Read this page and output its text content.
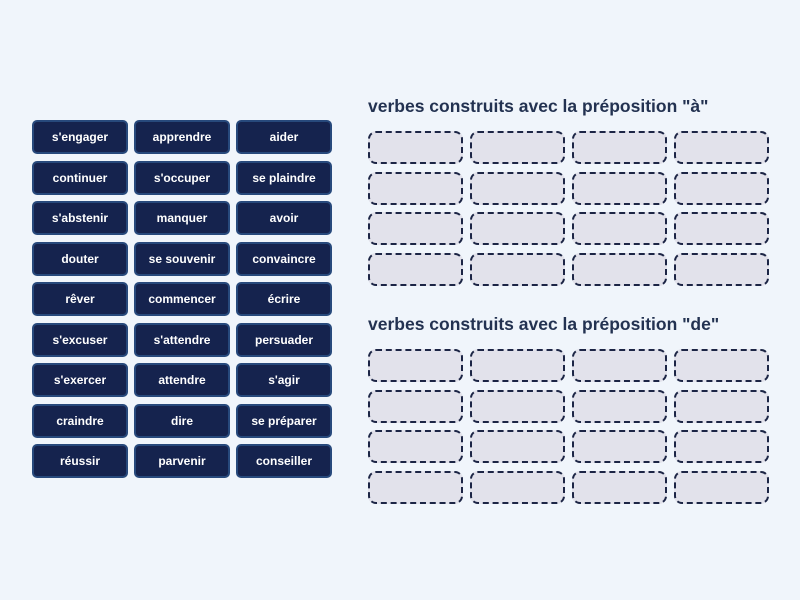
s'engager	apprendre	aider
continuer	s'occuper	se plaindre
s'abstenir	manquer	avoir
douter	se souvenir	convaincre
rêver	commencer	écrire
s'excuser	s'attendre	persuader
s'exercer	attendre	s'agir
craindre	dire	se préparer
réussir	parvenir	conseiller
verbes construits avec la préposition "à"
verbes construits avec la préposition "de"
